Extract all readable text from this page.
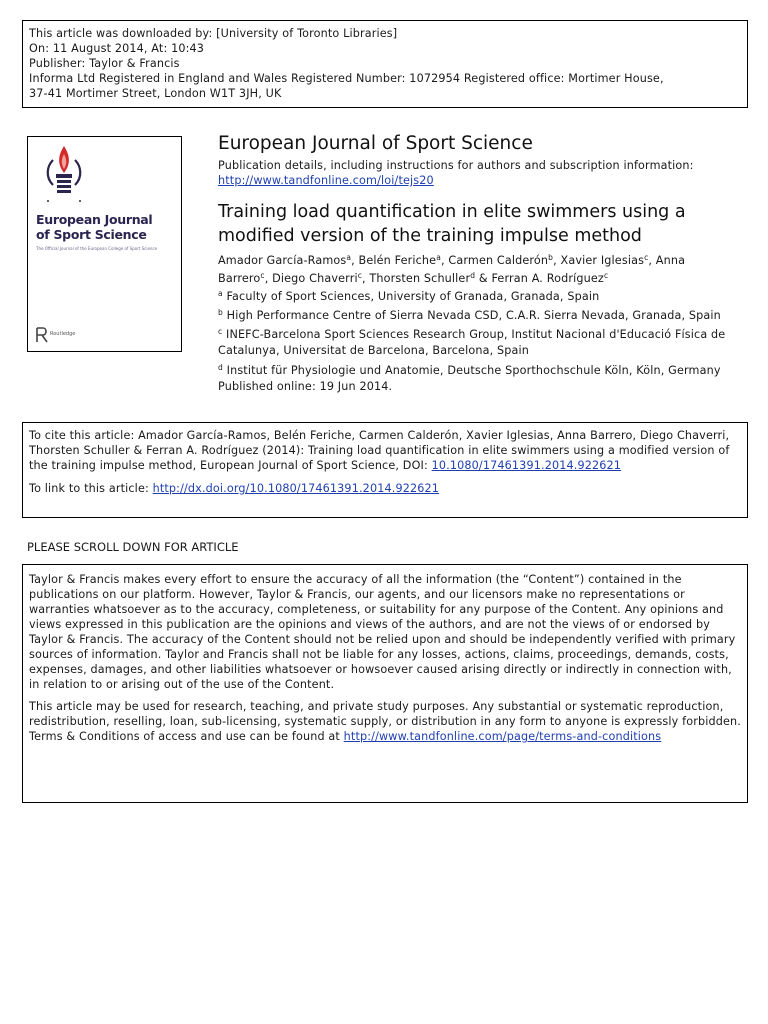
This article was downloaded by: [University of Toronto Libraries]
On: 11 August 2014, At: 10:43
Publisher: Taylor & Francis
Informa Ltd Registered in England and Wales Registered Number: 1072954 Registered office: Mortimer House,
37-41 Mortimer Street, London W1T 3JH, UK
European Journal
of Sport Science
The Official Journal of the European College of Sport Science
Routledge
European Journal of Sport Science
Publication details, including instructions for authors and subscription information:
http://www.tandfonline.com/loi/tejs20
Training load quantification in elite swimmers using a modified version of the training impulse method
Amador García-Ramos$^a$, Belén Feriche$^a$, Carmen Calderón$^b$, Xavier Iglesias$^c$, Anna Barrero$^c$, Diego Chaverri$^c$, Thorsten Schuller$^d$ & Ferran A. Rodríguez$^c$
$^a$ Faculty of Sport Sciences, University of Granada, Granada, Spain
$^b$ High Performance Centre of Sierra Nevada CSD, C.A.R. Sierra Nevada, Granada, Spain
$^c$ INEFC-Barcelona Sport Sciences Research Group, Institut Nacional d'Educació Física de Catalunya, Universitat de Barcelona, Barcelona, Spain
$^d$ Institut für Physiologie und Anatomie, Deutsche Sporthochschule Köln, Köln, Germany
Published online: 19 Jun 2014.
To cite this article: Amador García-Ramos, Belén Feriche, Carmen Calderón, Xavier Iglesias, Anna Barrero, Diego Chaverri, Thorsten Schuller & Ferran A. Rodríguez (2014): Training load quantification in elite swimmers using a modified version of the training impulse method, European Journal of Sport Science, DOI: 10.1080/17461391.2014.922621
To link to this article: http://dx.doi.org/10.1080/17461391.2014.922621
PLEASE SCROLL DOWN FOR ARTICLE

Taylor & Francis makes every effort to ensure the accuracy of all the information (the “Content”) contained in the publications on our platform. However, Taylor & Francis, our agents, and our licensors make no representations or warranties whatsoever as to the accuracy, completeness, or suitability for any purpose of the Content. Any opinions and views expressed in this publication are the opinions and views of the authors, and are not the views of or endorsed by Taylor & Francis. The accuracy of the Content should not be relied upon and should be independently verified with primary sources of information. Taylor and Francis shall not be liable for any losses, actions, claims, proceedings, demands, costs, expenses, damages, and other liabilities whatsoever or howsoever caused arising directly or indirectly in connection with, in relation to or arising out of the use of the Content.

This article may be used for research, teaching, and private study purposes. Any substantial or systematic reproduction, redistribution, reselling, loan, sub-licensing, systematic supply, or distribution in any form to anyone is expressly forbidden. Terms & Conditions of access and use can be found at http://www.tandfonline.com/page/terms-and-conditions
